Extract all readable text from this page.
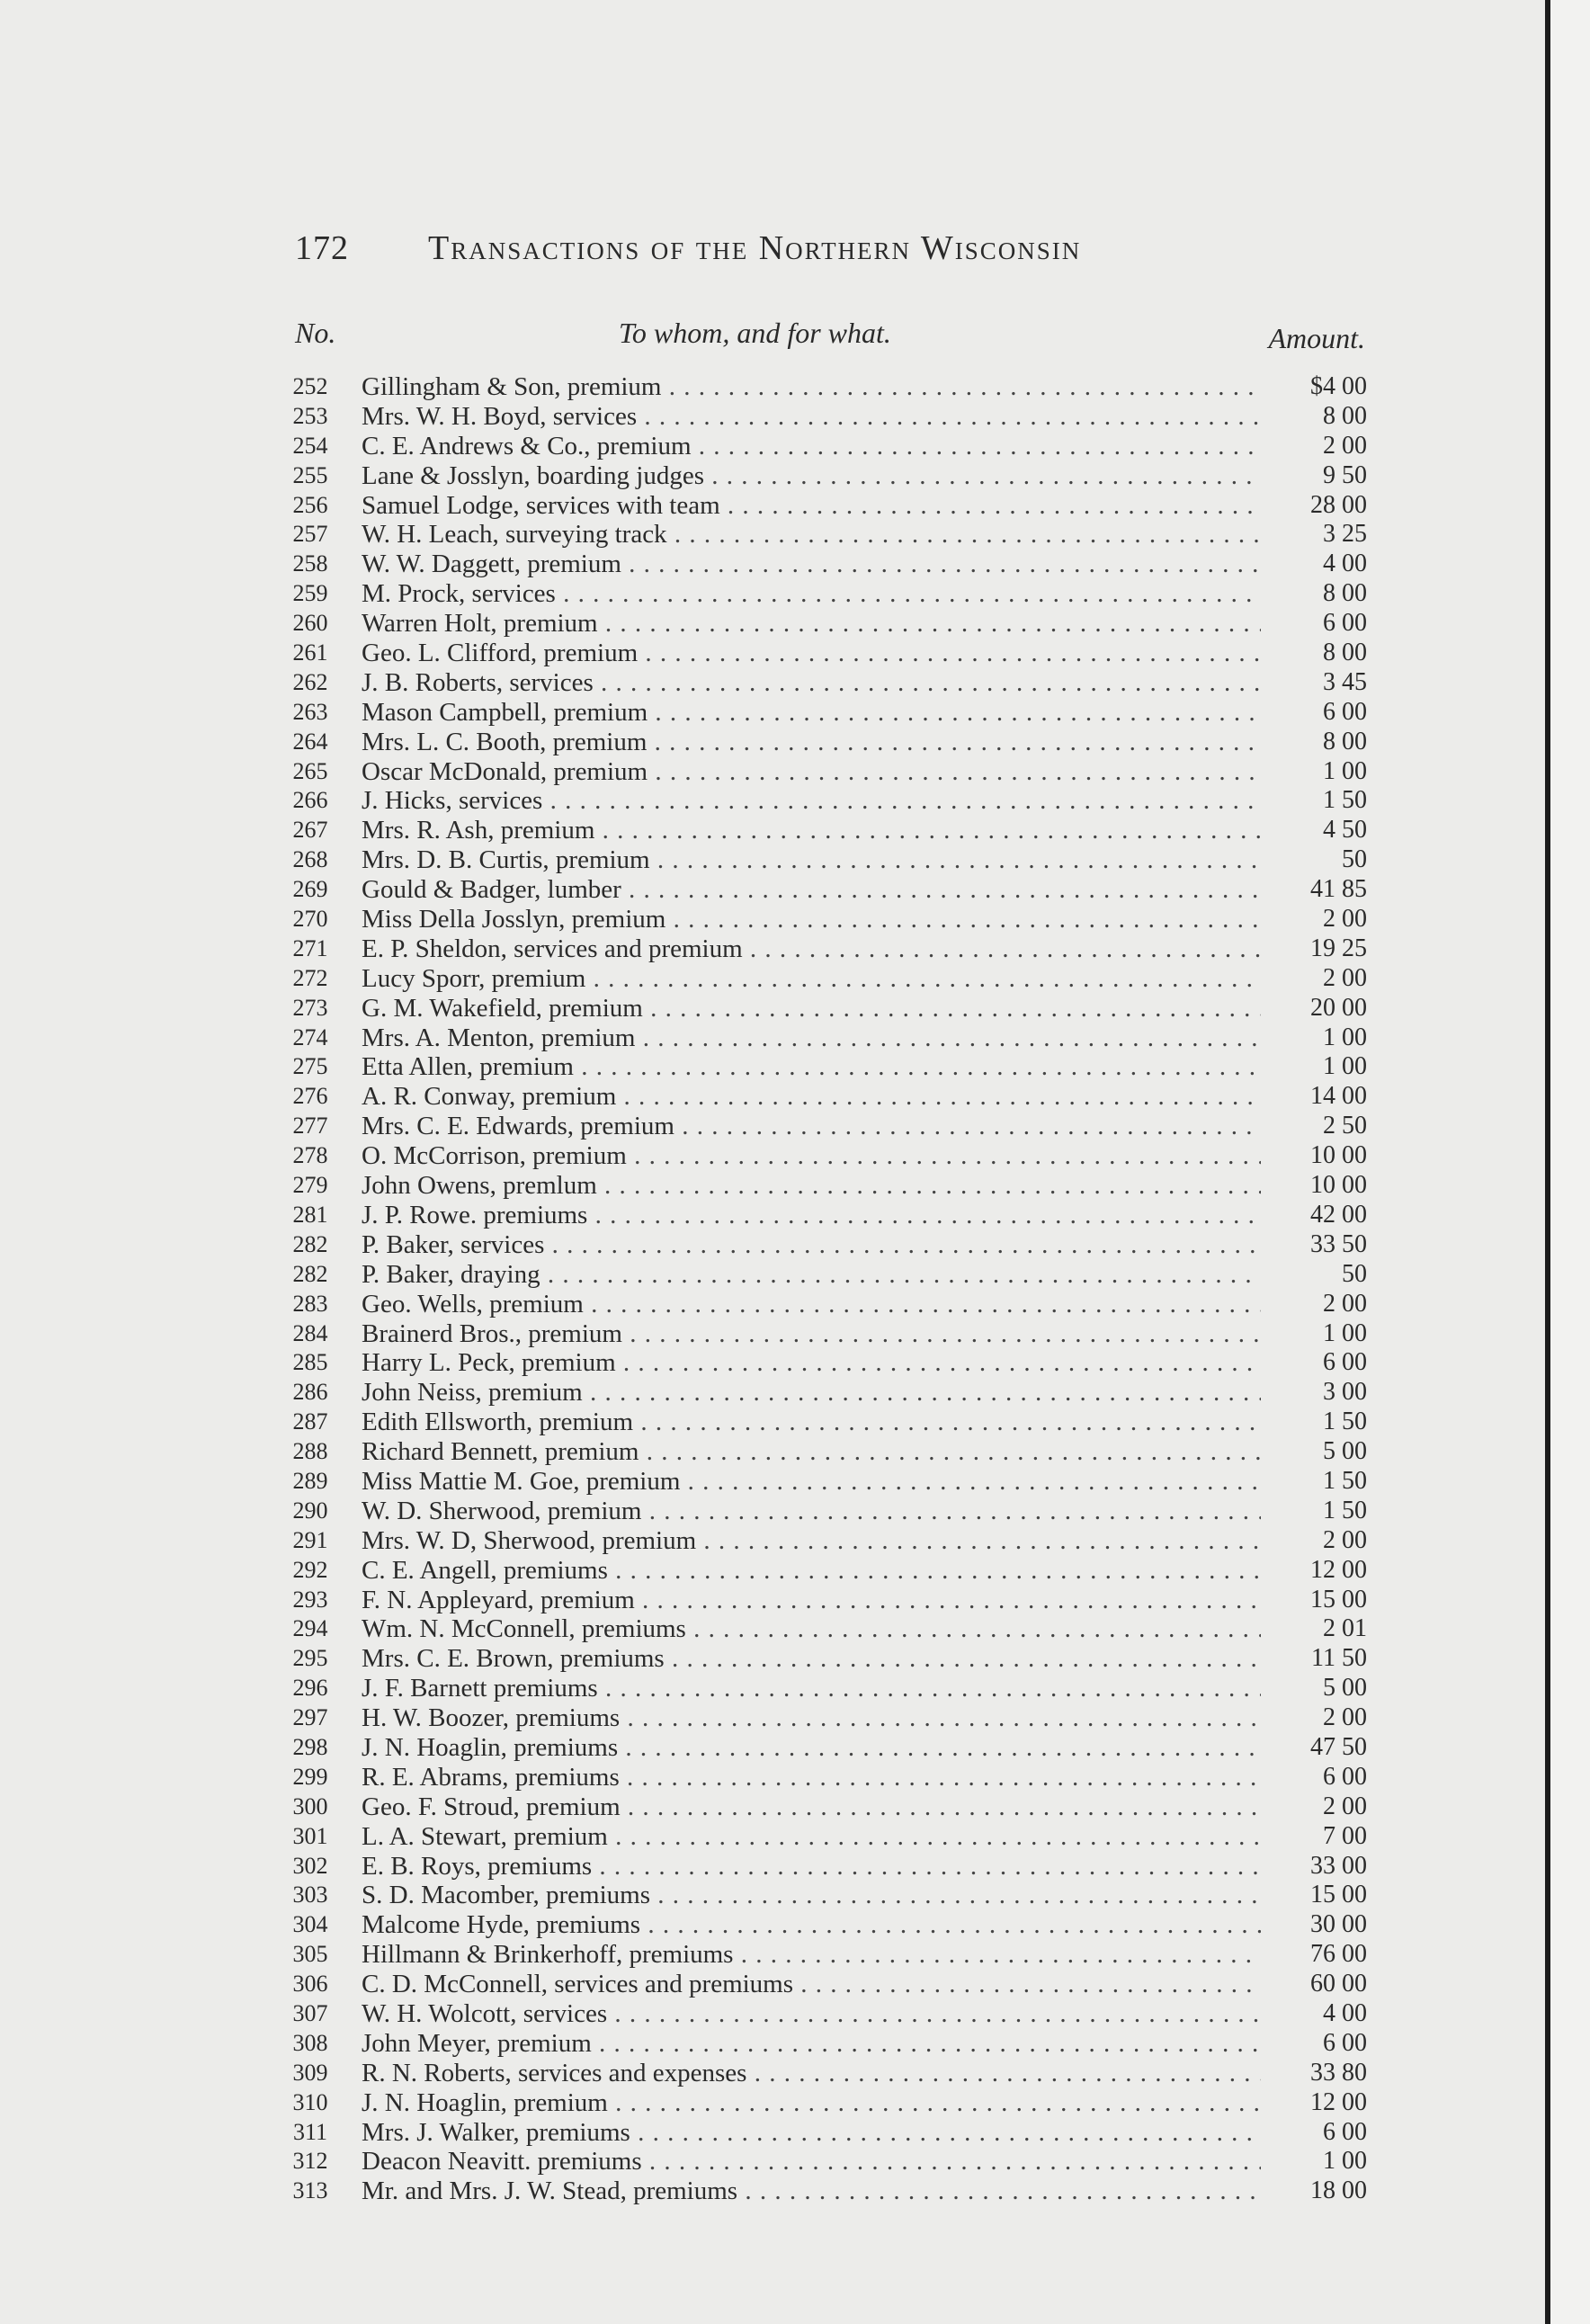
172 Transactions of the Northern Wisconsin
No.	To whom, and for what.	Amount.
252	Gillingham & Son, premium . . .	$4 00
253	Mrs. W. H. Boyd, services . . .	8 00
254	C. E. Andrews & Co., premium . . .	2 00
255	Lane & Josslyn, boarding judges . . .	9 50
256	Samuel Lodge, services with team . . .	28 00
257	W. H. Leach, surveying track . . .	3 25
258	W. W. Daggett, premium . . .	4 00
259	M. Prock, services . . .	8 00
260	Warren Holt, premium . . .	6 00
261	Geo. L. Clifford, premium . . .	8 00
262	J. B. Roberts, services . . .	3 45
263	Mason Campbell, premium . . .	6 00
264	Mrs. L. C. Booth, premium . . .	8 00
265	Oscar McDonald, premium . . .	1 00
266	J. Hicks, services . . .	1 50
267	Mrs. R. Ash, premium . . .	4 50
268	Mrs. D. B. Curtis, premium . . .	50
269	Gould & Badger, lumber . . .	41 85
270	Miss Della Josslyn, premium . . .	2 00
271	E. P. Sheldon, services and premium . . .	19 25
272	Lucy Sporr, premium . . .	2 00
273	G. M. Wakefield, premium . . .	20 00
274	Mrs. A. Menton, premium . . .	1 00
275	Etta Allen, premium . . .	1 00
276	A. R. Conway, premium . . .	14 00
277	Mrs. C. E. Edwards, premium . . .	2 50
278	O. McCorrison, premium . . .	10 00
279	John Owens, premlum . . .	10 00
281	J. P. Rowe. premiums . . .	42 00
282	P. Baker, services . . .	33 50
282	P. Baker, draying . . .	50
283	Geo. Wells, premium . . .	2 00
284	Brainerd Bros., premium . . .	1 00
285	Harry L. Peck, premium . . .	6 00
286	John Neiss, premium . . .	3 00
287	Edith Ellsworth, premium . . .	1 50
288	Richard Bennett, premium . . .	5 00
289	Miss Mattie M. Goe, premium . . .	1 50
290	W. D. Sherwood, premium . . .	1 50
291	Mrs. W. D, Sherwood, premium . . .	2 00
292	C. E. Angell, premiums . . .	12 00
293	F. N. Appleyard, premium . . .	15 00
294	Wm. N. McConnell, premiums . . .	2 01
295	Mrs. C. E. Brown, premiums . . .	11 50
296	J. F. Barnett premiums . . .	5 00
297	H. W. Boozer, premiums . . .	2 00
298	J. N. Hoaglin, premiums . . .	47 50
299	R. E. Abrams, premiums . . .	6 00
300	Geo. F. Stroud, premium . . .	2 00
301	L. A. Stewart, premium . . .	7 00
302	E. B. Roys, premiums . . .	33 00
303	S. D. Macomber, premiums . . .	15 00
304	Malcome Hyde, premiums . . .	30 00
305	Hillmann & Brinkerhoff, premiums . . .	76 00
306	C. D. McConnell, services and premiums . . .	60 00
307	W. H. Wolcott, services . . .	4 00
308	John Meyer, premium . . .	6 00
309	R. N. Roberts, services and expenses . . .	33 80
310	J. N. Hoaglin, premium . . .	12 00
311	Mrs. J. Walker, premiums . . .	6 00
312	Deacon Neavitt. premiums . . .	1 00
313	Mr. and Mrs. J. W. Stead, premiums . . .	18 00
